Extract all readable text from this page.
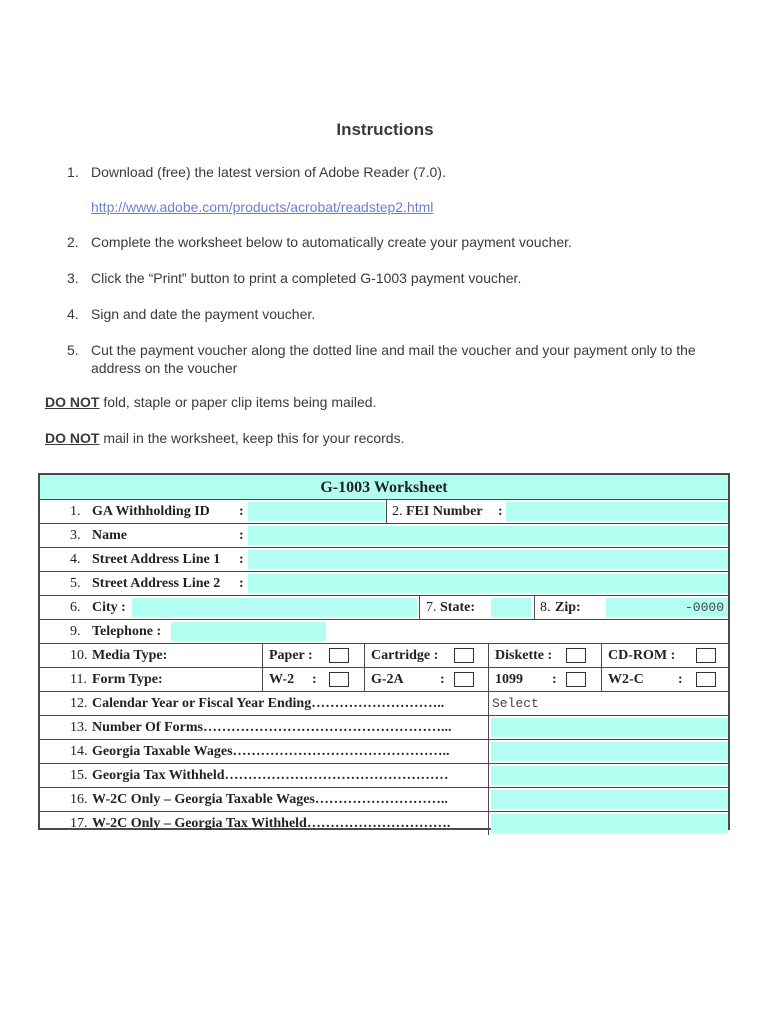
Instructions
1. Download (free) the latest version of Adobe Reader (7.0).
http://www.adobe.com/products/acrobat/readstep2.html
2. Complete the worksheet below to automatically create your payment voucher.
3. Click the “Print” button to print a completed G-1003 payment voucher.
4. Sign and date the payment voucher.
5. Cut the payment voucher along the dotted line and mail the voucher and your payment only to the address on the voucher
DO NOT fold, staple or paper clip items being mailed.
DO NOT mail in the worksheet, keep this for your records.
G-1003 Worksheet
1. GA Withholding ID :	2. FEI Number :
3. Name	:
4. Street Address Line 1 :
5. Street Address Line 2 :
6. City :	7. State:	8. Zip:	-0000
9. Telephone :
10. Media Type:	Paper :	Cartridge :	Diskette :	CD-ROM :
11. Form Type:	W-2 :	G-2A	:	1099 :	W2-C :
12. Calendar Year or Fiscal Year Ending………………………..	Select
13. Number Of Forms……………………………………………...
14. Georgia Taxable Wages………………………………………..
15. Georgia Tax Withheld…………………………………………
16. W-2C Only – Georgia Taxable Wages………………………..
17. W-2C Only – Georgia Tax Withheld………………………….
